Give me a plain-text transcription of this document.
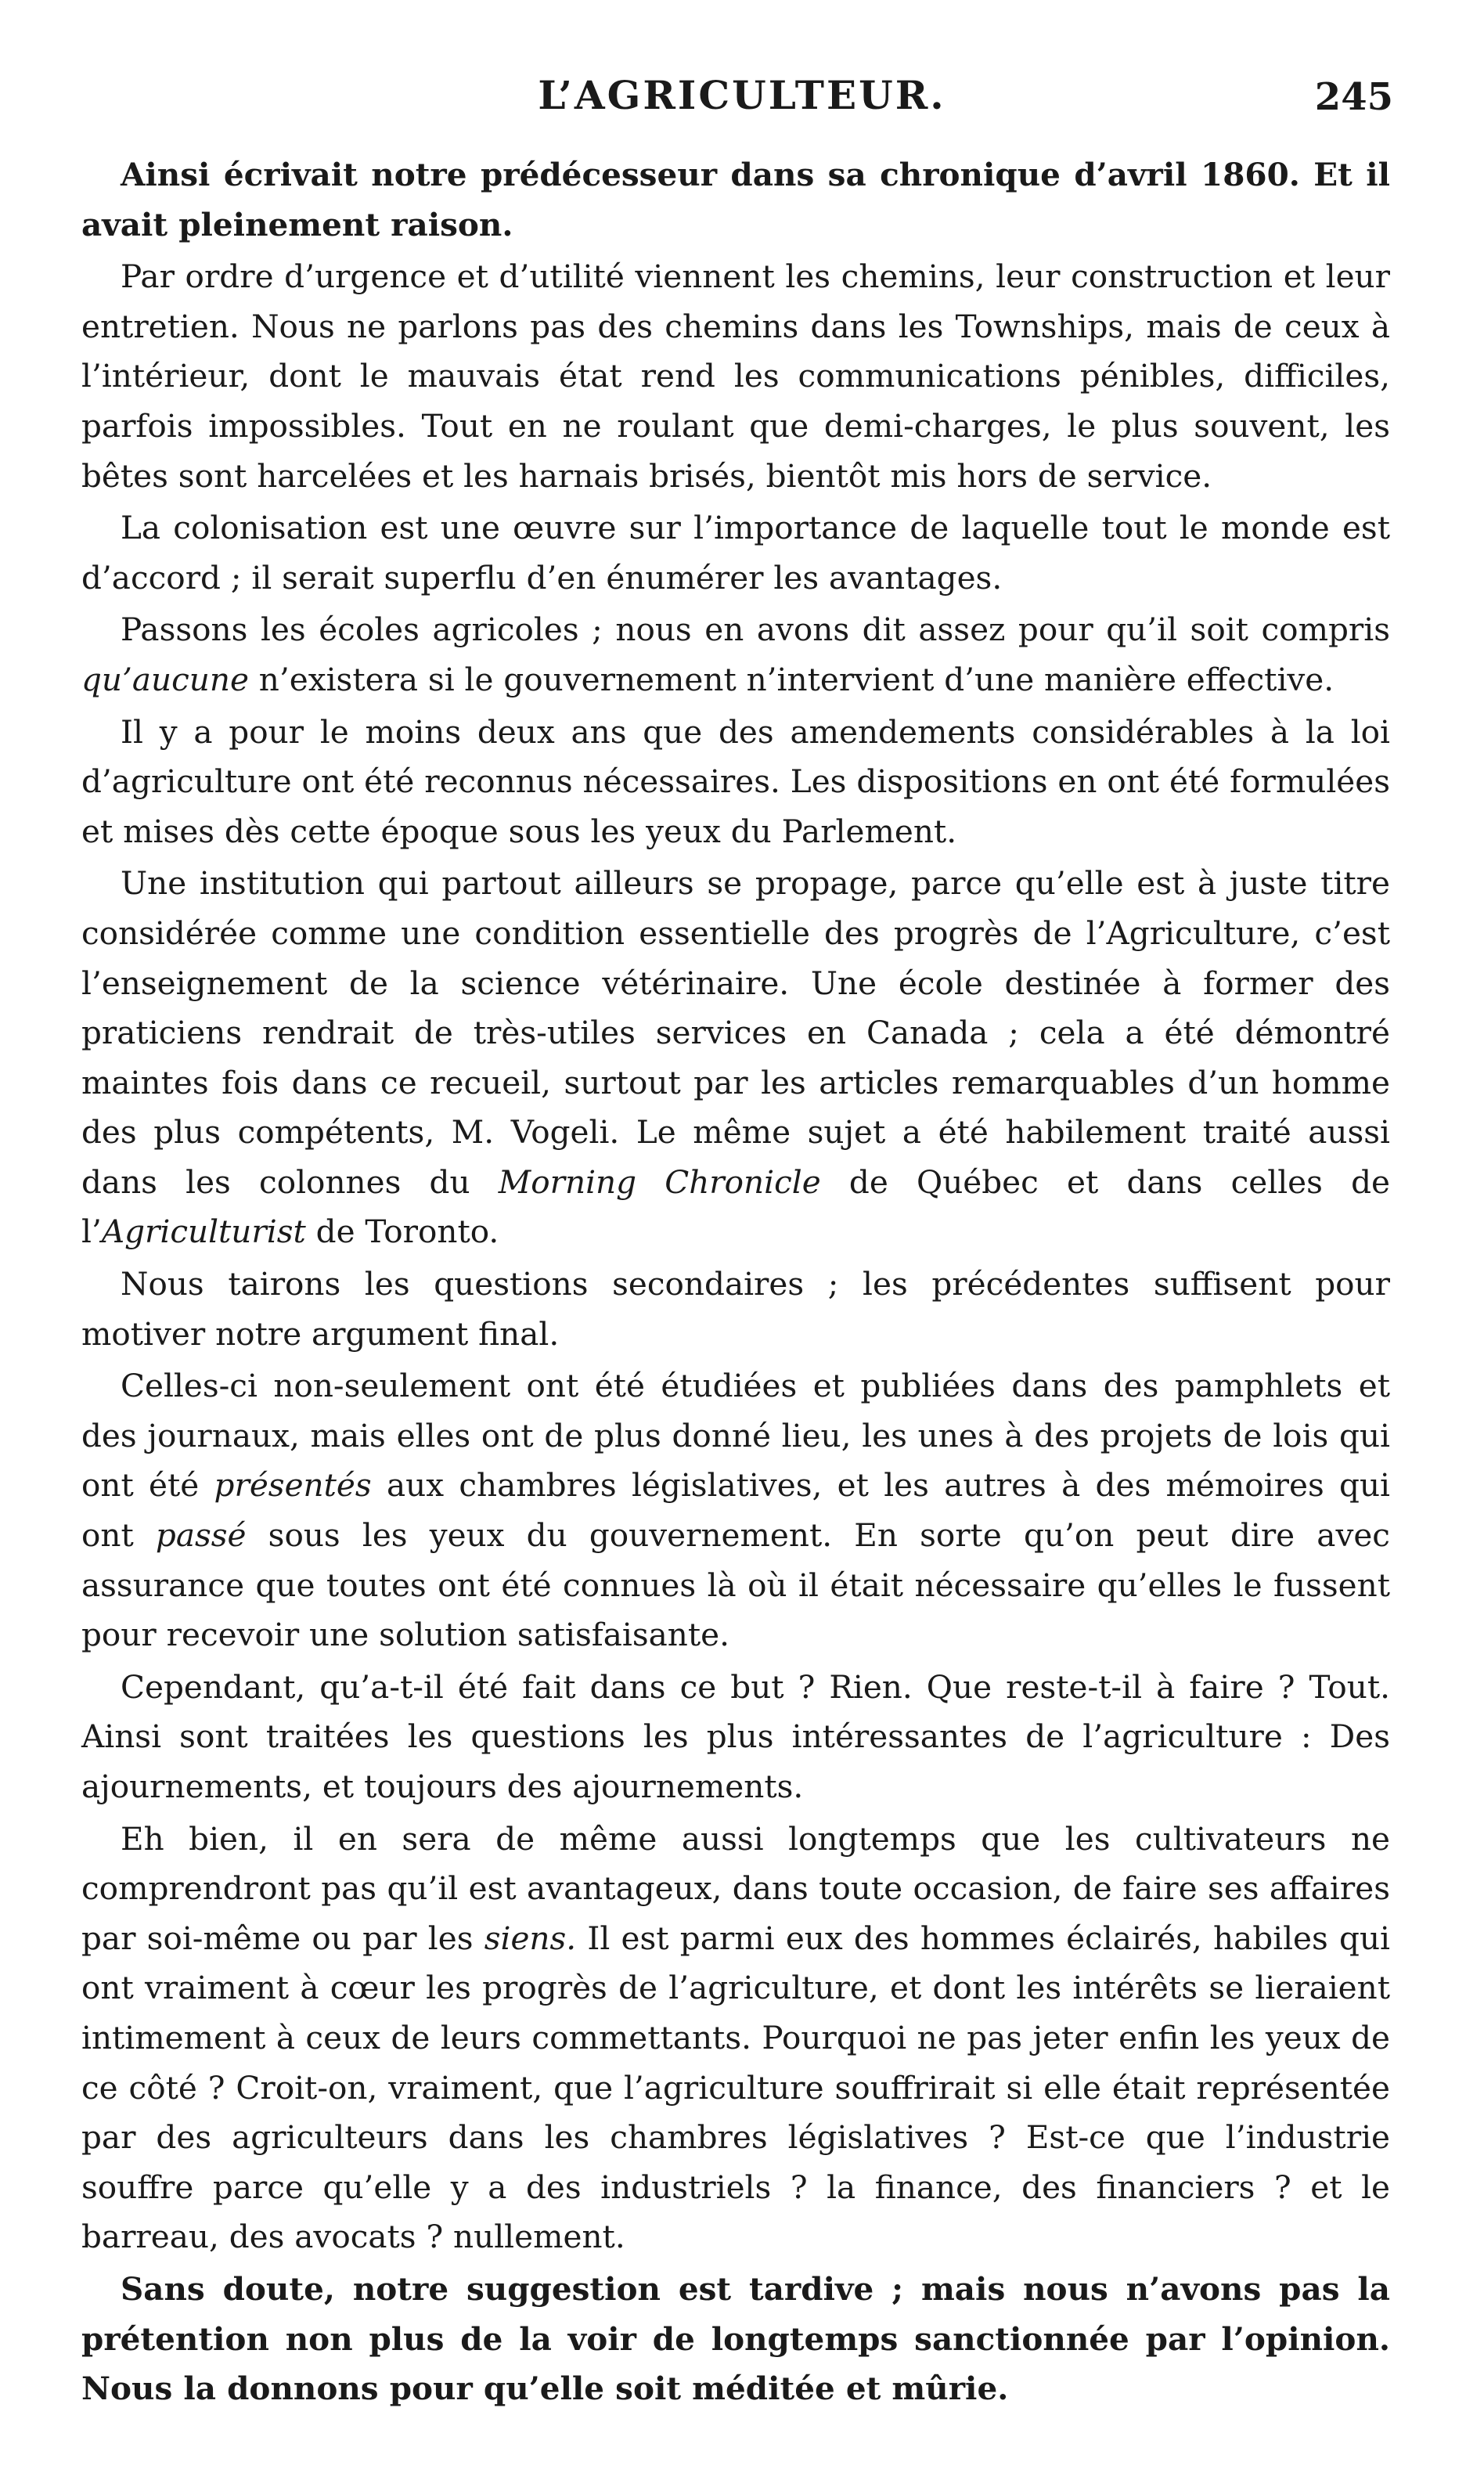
L’AGRICULTEUR.	245

Ainsi écrivait notre prédécesseur dans sa chronique d’avril 1860. Et il avait pleinement raison.

Par ordre d’urgence et d’utilité viennent les chemins, leur construction et leur entretien. Nous ne parlons pas des chemins dans les Townships, mais de ceux à l’intérieur, dont le mauvais état rend les communications pénibles, difficiles, parfois impossibles. Tout en ne roulant que demi-charges, le plus souvent, les bêtes sont harcelées et les harnais brisés, bientôt mis hors de service.

La colonisation est une œuvre sur l’importance de laquelle tout le monde est d’accord ; il serait superflu d’en énumérer les avantages.

Passons les écoles agricoles ; nous en avons dit assez pour qu’il soit compris qu’aucune n’existera si le gouvernement n’intervient d’une manière effective.

Il y a pour le moins deux ans que des amendements considérables à la loi d’agriculture ont été reconnus nécessaires. Les dispositions en ont été formulées et mises dès cette époque sous les yeux du Parlement.

Une institution qui partout ailleurs se propage, parce qu’elle est à juste titre considérée comme une condition essentielle des progrès de l’Agriculture, c’est l’enseignement de la science vétérinaire. Une école destinée à former des praticiens rendrait de très-utiles services en Canada ; cela a été démontré maintes fois dans ce recueil, surtout par les articles remarquables d’un homme des plus compétents, M. Vogeli. Le même sujet a été habilement traité aussi dans les colonnes du Morning Chronicle de Québec et dans celles de l’Agriculturist de Toronto.

Nous tairons les questions secondaires ; les précédentes suffisent pour motiver notre argument final.

Celles-ci non-seulement ont été étudiées et publiées dans des pamphlets et des journaux, mais elles ont de plus donné lieu, les unes à des projets de lois qui ont été présentés aux chambres législatives, et les autres à des mémoires qui ont passé sous les yeux du gouvernement. En sorte qu’on peut dire avec assurance que toutes ont été connues là où il était nécessaire qu’elles le fussent pour recevoir une solution satisfaisante.

Cependant, qu’a-t-il été fait dans ce but ? Rien. Que reste-t-il à faire ? Tout. Ainsi sont traitées les questions les plus intéressantes de l’agriculture : Des ajournements, et toujours des ajournements.

Eh bien, il en sera de même aussi longtemps que les cultivateurs ne comprendront pas qu’il est avantageux, dans toute occasion, de faire ses affaires par soi-même ou par les siens. Il est parmi eux des hommes éclairés, habiles qui ont vraiment à cœur les progrès de l’agriculture, et dont les intérêts se lieraient intimement à ceux de leurs commettants. Pourquoi ne pas jeter enfin les yeux de ce côté ? Croit-on, vraiment, que l’agriculture souffrirait si elle était représentée par des agriculteurs dans les chambres législatives ? Est-ce que l’industrie souffre parce qu’elle y a des industriels ? la finance, des financiers ? et le barreau, des avocats ? nullement.

Sans doute, notre suggestion est tardive ; mais nous n’avons pas la prétention non plus de la voir de longtemps sanctionnée par l’opinion. Nous la donnons pour qu’elle soit méditée et mûrie.
